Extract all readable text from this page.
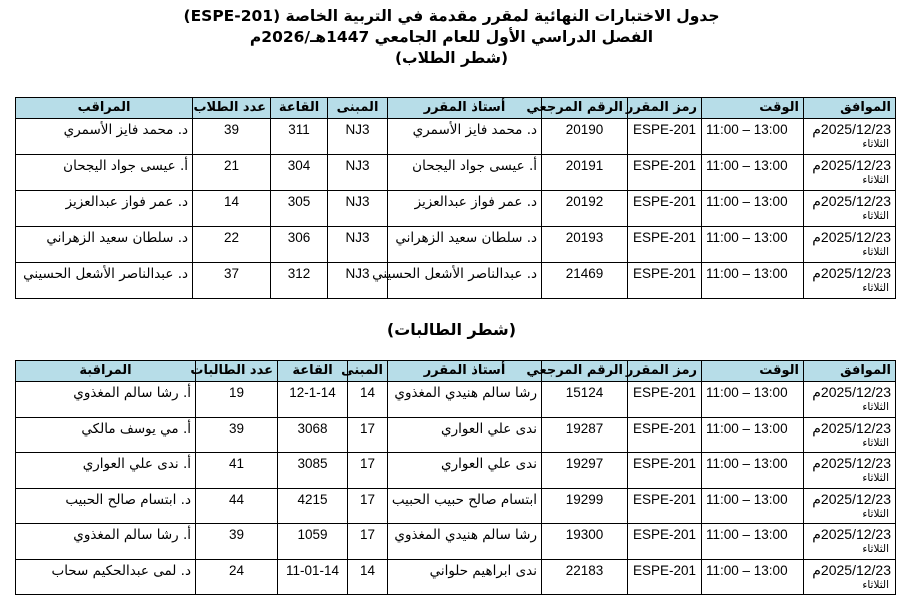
جدول الاختبارات النهائية لمقرر مقدمة في التربية الخاصة (ESPE-201)
الفصل الدراسي الأول للعام الجامعي 1447هـ/2026م
(شطر الطلاب)
الموافق	الوقت	رمز المقرر	الرقم المرجعي	أستاذ المقرر	المبنى	القاعة	عدد الطلاب	المراقب

2025/12/23م
الثلاثاء	11:00 – 13:00	ESPE-201	20190	د. محمد فايز الأسمري	NJ3	311	39	د. محمد فايز الأسمري

2025/12/23م
الثلاثاء	11:00 – 13:00	ESPE-201	20191	أ. عيسى جواد اليجحان	NJ3	304	21	أ. عيسى جواد اليجحان

2025/12/23م
الثلاثاء	11:00 – 13:00	ESPE-201	20192	د. عمر فواز عبدالعزيز	NJ3	305	14	د. عمر فواز عبدالعزيز

2025/12/23م
الثلاثاء	11:00 – 13:00	ESPE-201	20193	د. سلطان سعيد الزهراني	NJ3	306	22	د. سلطان سعيد الزهراني

2025/12/23م
الثلاثاء	11:00 – 13:00	ESPE-201	21469	د. عبدالناصر الأشعل الحسيني	NJ3	312	37	د. عبدالناصر الأشعل الحسيني
(شطر الطالبات)
الموافق	الوقت	رمز المقرر	الرقم المرجعي	أستاذ المقرر	المبنى	القاعة	عدد الطالبات	المراقبة

2025/12/23م
الثلاثاء	11:00 – 13:00	ESPE-201	15124	رشا سالم هنيدي المغذوي	14	12-1-14	19	أ. رشا سالم المغذوي

2025/12/23م
الثلاثاء	11:00 – 13:00	ESPE-201	19287	ندى علي العواري	17	3068	39	أ. مي يوسف مالكي

2025/12/23م
الثلاثاء	11:00 – 13:00	ESPE-201	19297	ندى علي العواري	17	3085	41	أ. ندى علي العواري

2025/12/23م
الثلاثاء	11:00 – 13:00	ESPE-201	19299	ابتسام صالح حبيب الحبيب	17	4215	44	د. ابتسام صالح الحبيب

2025/12/23م
الثلاثاء	11:00 – 13:00	ESPE-201	19300	رشا سالم هنيدي المغذوي	17	1059	39	أ. رشا سالم المغذوي

2025/12/23م
الثلاثاء	11:00 – 13:00	ESPE-201	22183	ندى ابراهيم حلواني	14	11-01-14	24	د. لمى عبدالحكيم سحاب
